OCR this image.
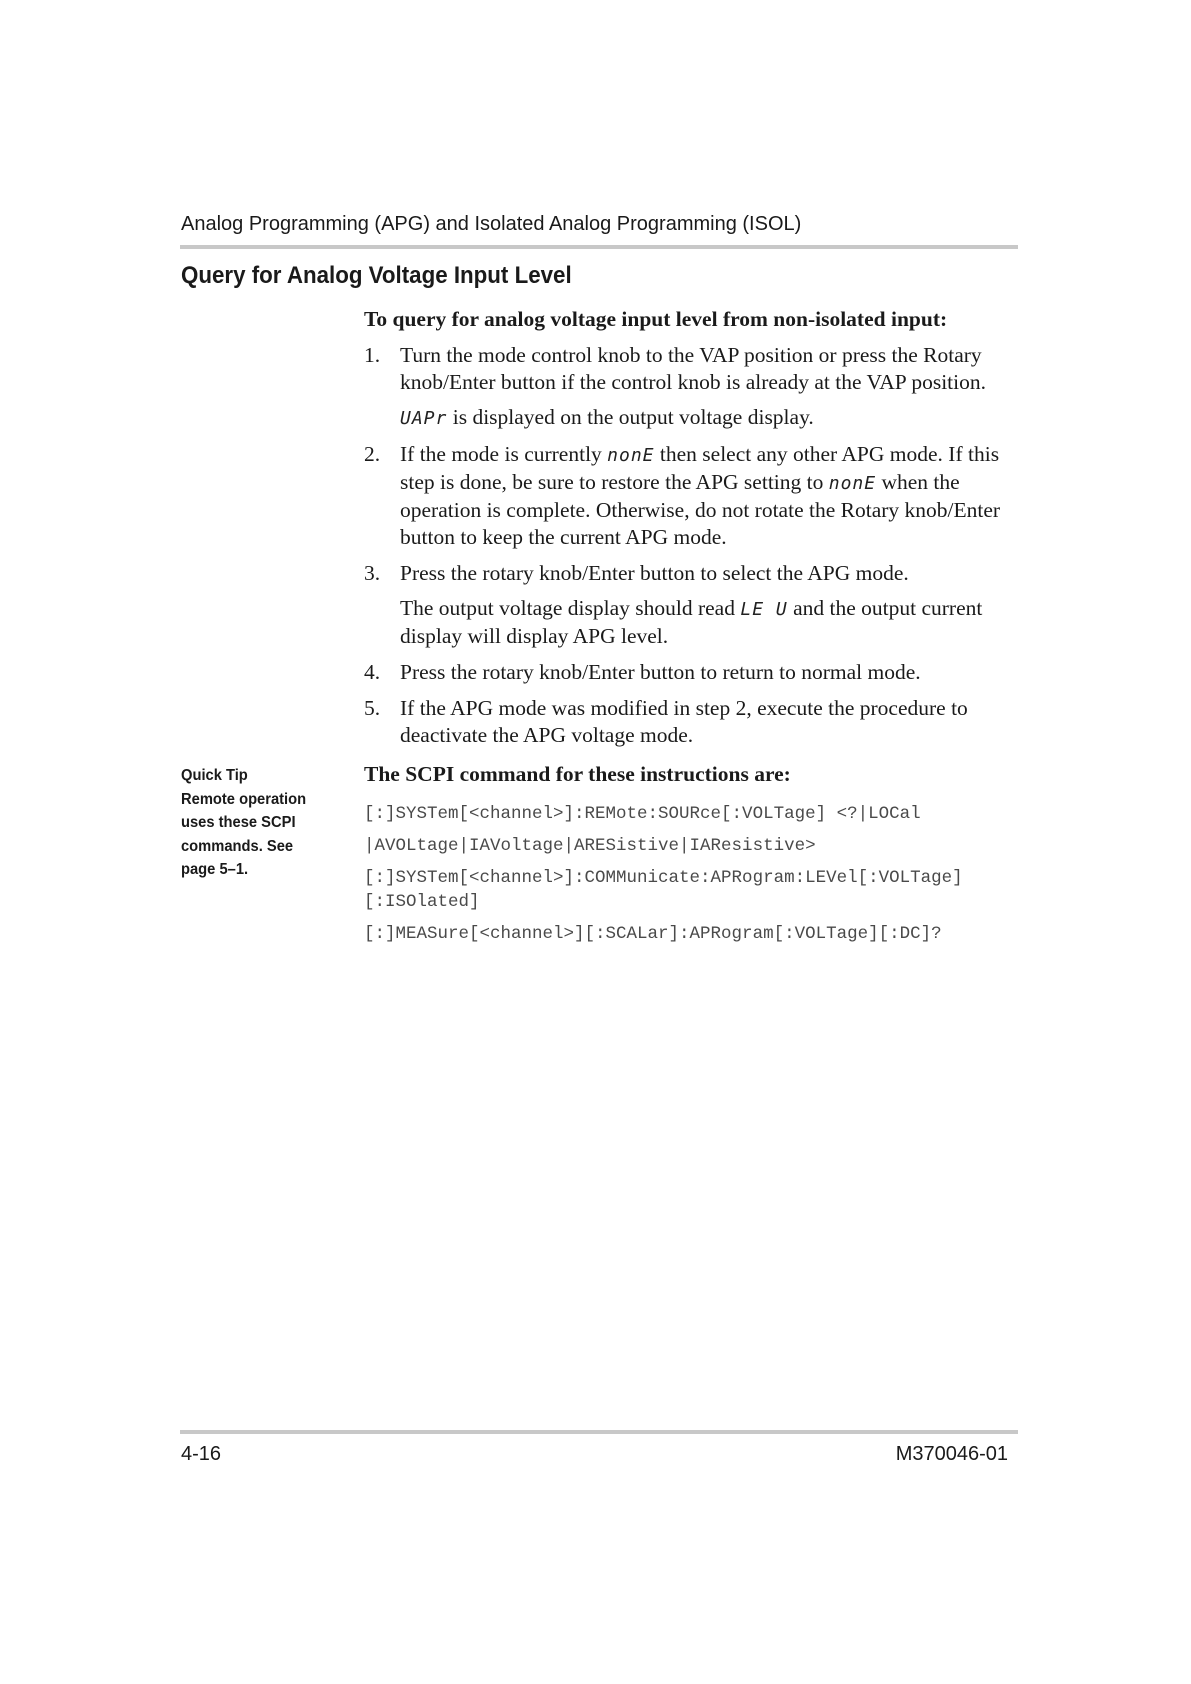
Analog Programming (APG) and Isolated Analog Programming (ISOL)
Query for Analog Voltage Input Level
To query for analog voltage input level from non-isolated input:
1. Turn the mode control knob to the VAP position or press the Rotary knob/Enter button if the control knob is already at the VAP position.
UAPr is displayed on the output voltage display.
2. If the mode is currently nonE then select any other APG mode. If this step is done, be sure to restore the APG setting to nonE when the operation is complete. Otherwise, do not rotate the Rotary knob/Enter button to keep the current APG mode.
3. Press the rotary knob/Enter button to select the APG mode.
The output voltage display should read LE U and the output current display will display APG level.
4. Press the rotary knob/Enter button to return to normal mode.
5. If the APG mode was modified in step 2, execute the procedure to deactivate the APG voltage mode.
Quick Tip
Remote operation
uses these SCPI
commands. See
page 5–1.
The SCPI command for these instructions are:
[:]SYSTem[<channel>]:REMote:SOURce[:VOLTage] <?|LOCal
|AVOLtage|IAVoltage|ARESistive|IAResistive>
[:]SYSTem[<channel>]:COMMunicate:APRogram:LEVel[:VOLTage]
[:ISOlated]
[:]MEASure[<channel>][:SCALar]:APRogram[:VOLTage][:DC]?
4-16	M370046-01
